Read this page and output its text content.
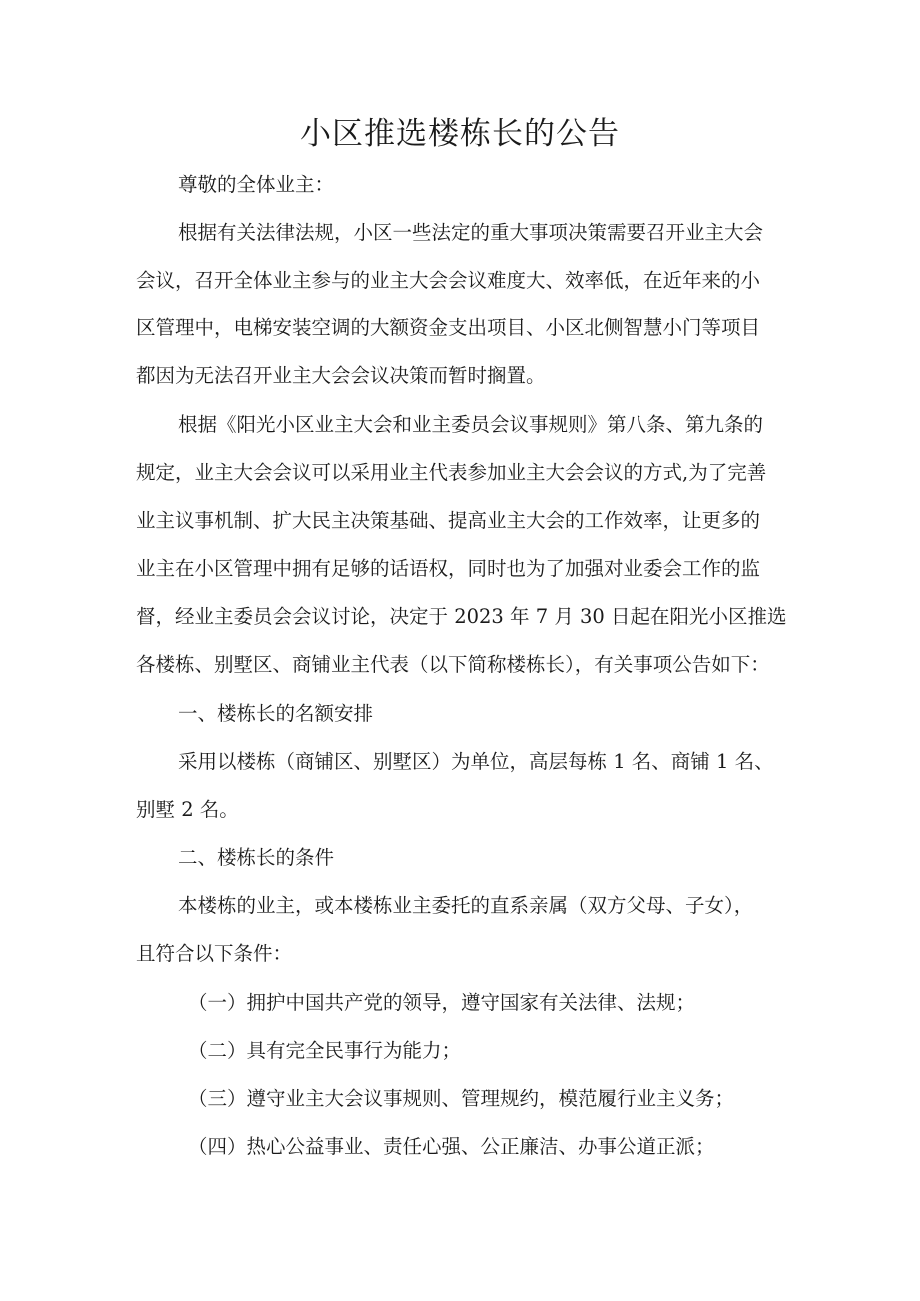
小区推选楼栋长的公告

尊敬的全体业主：

根据有关法律法规，小区一些法定的重大事项决策需要召开业主大会

会议，召开全体业主参与的业主大会会议难度大、效率低，在近年来的小

区管理中，电梯安装空调的大额资金支出项目、小区北侧智慧小门等项目

都因为无法召开业主大会会议决策而暂时搁置。

根据《阳光小区业主大会和业主委员会议事规则》第八条、第九条的

规定，业主大会会议可以采用业主代表参加业主大会会议的方式,为了完善

业主议事机制、扩大民主决策基础、提高业主大会的工作效率，让更多的

业主在小区管理中拥有足够的话语权，同时也为了加强对业委会工作的监

督，经业主委员会会议讨论，决定于 2023 年 7 月 30 日起在阳光小区推选

各楼栋、别墅区、商铺业主代表（以下简称楼栋长），有关事项公告如下：

一、楼栋长的名额安排

采用以楼栋（商铺区、别墅区）为单位，高层每栋 1 名、商铺 1 名、

别墅 2 名。

二、楼栋长的条件

本楼栋的业主，或本楼栋业主委托的直系亲属（双方父母、子女），

且符合以下条件：

（一）拥护中国共产党的领导，遵守国家有关法律、法规；

（二）具有完全民事行为能力；

（三）遵守业主大会议事规则、管理规约，模范履行业主义务；

（四）热心公益事业、责任心强、公正廉洁、办事公道正派；
